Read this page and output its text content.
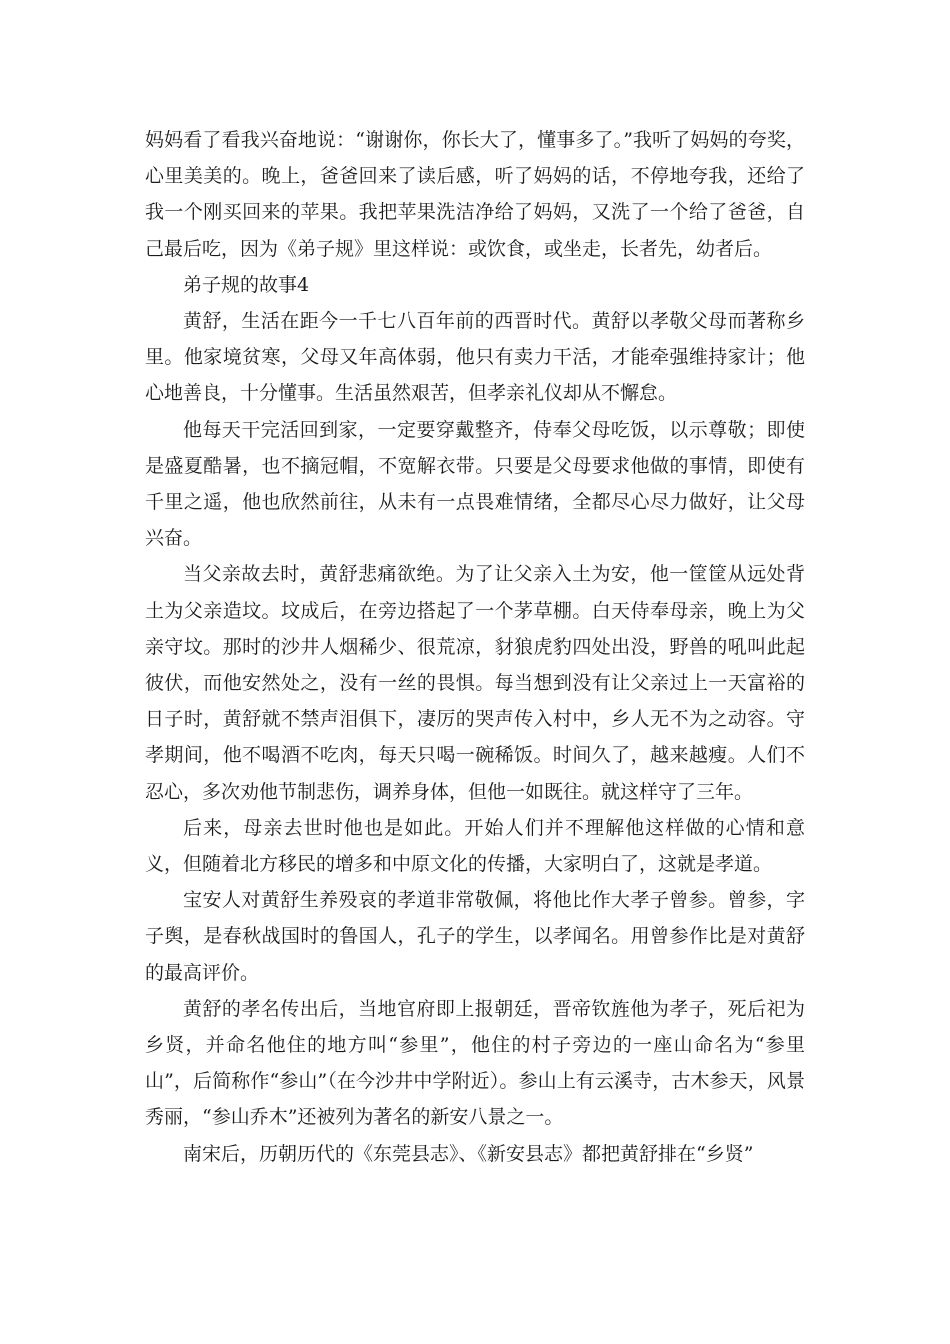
妈妈看了看我兴奋地说：“谢谢你，你长大了，懂事多了。”我听了妈妈的夸奖，心里美美的。晚上，爸爸回来了读后感，听了妈妈的话，不停地夸我，还给了我一个刚买回来的苹果。我把苹果洗洁净给了妈妈，又洗了一个给了爸爸，自己最后吃，因为《弟子规》里这样说：或饮食，或坐走，长者先，幼者后。

弟子规的故事4

黄舒，生活在距今一千七八百年前的西晋时代。黄舒以孝敬父母而著称乡里。他家境贫寒，父母又年高体弱，他只有卖力干活，才能牵强维持家计；他心地善良，十分懂事。生活虽然艰苦，但孝亲礼仪却从不懈怠。

他每天干完活回到家，一定要穿戴整齐，侍奉父母吃饭，以示尊敬；即使是盛夏酷暑，也不摘冠帽，不宽解衣带。只要是父母要求他做的事情，即使有千里之遥，他也欣然前往，从未有一点畏难情绪，全都尽心尽力做好，让父母兴奋。

当父亲故去时，黄舒悲痛欲绝。为了让父亲入土为安，他一筐筐从远处背土为父亲造坟。坟成后，在旁边搭起了一个茅草棚。白天侍奉母亲，晚上为父亲守坟。那时的沙井人烟稀少、很荒凉，豺狼虎豹四处出没，野兽的吼叫此起彼伏，而他安然处之，没有一丝的畏惧。每当想到没有让父亲过上一天富裕的日子时，黄舒就不禁声泪俱下，凄厉的哭声传入村中，乡人无不为之动容。守孝期间，他不喝酒不吃肉，每天只喝一碗稀饭。时间久了，越来越瘦。人们不忍心，多次劝他节制悲伤，调养身体，但他一如既往。就这样守了三年。

后来，母亲去世时他也是如此。开始人们并不理解他这样做的心情和意义，但随着北方移民的增多和中原文化的传播，大家明白了，这就是孝道。

宝安人对黄舒生养殁哀的孝道非常敬佩，将他比作大孝子曾参。曾参，字子舆，是春秋战国时的鲁国人，孔子的学生，以孝闻名。用曾参作比是对黄舒的最高评价。

黄舒的孝名传出后，当地官府即上报朝廷，晋帝钦旌他为孝子，死后祀为乡贤，并命名他住的地方叫“参里”，他住的村子旁边的一座山命名为“参里山”，后简称作“参山”（在今沙井中学附近）。参山上有云溪寺，古木参天，风景秀丽，“参山乔木”还被列为著名的新安八景之一。

南宋后，历朝历代的《东莞县志》、《新安县志》都把黄舒排在“乡贤”
